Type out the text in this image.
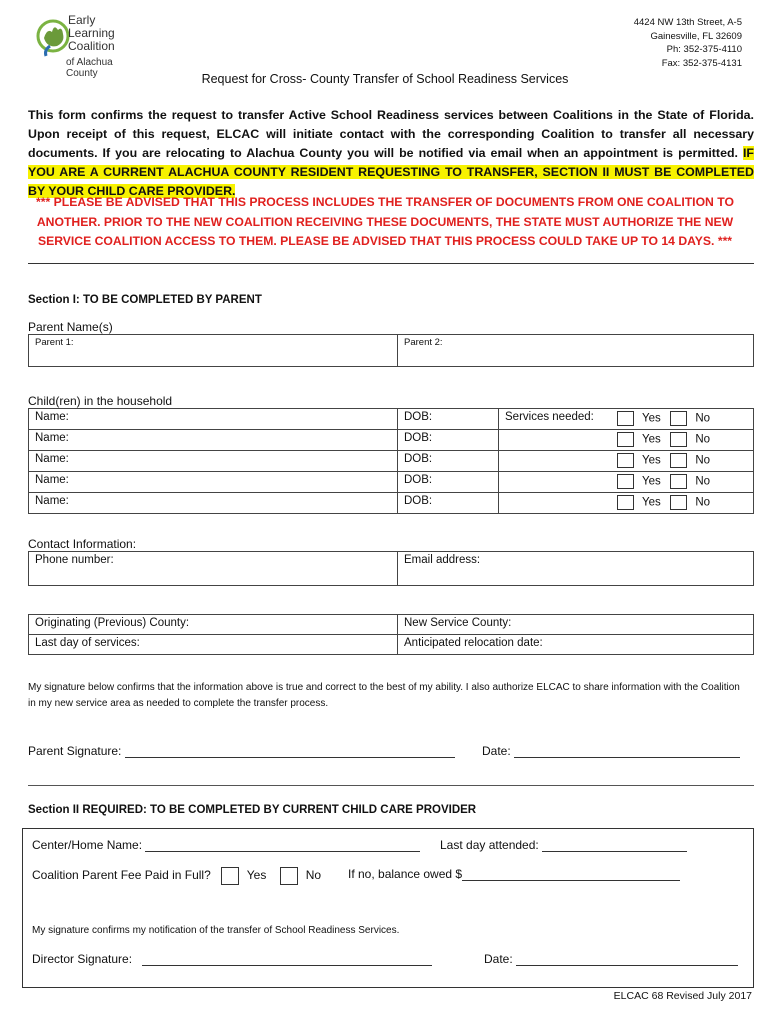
Early
Learning
Coalition
of Alachua County
4424 NW 13th Street, A-5
Gainesville, FL 32609
Ph: 352-375-4110
Fax: 352-375-4131
Request for Cross- County Transfer of School Readiness Services
This form confirms the request to transfer Active School Readiness services between Coalitions in the State of Florida. Upon receipt of this request, ELCAC will initiate contact with the corresponding Coalition to transfer all necessary documents. If you are relocating to Alachua County you will be notified via email when an appointment is permitted. IF YOU ARE A CURRENT ALACHUA COUNTY RESIDENT REQUESTING TO TRANSFER, SECTION II MUST BE COMPLETED BY YOUR CHILD CARE PROVIDER.
*** PLEASE BE ADVISED THAT THIS PROCESS INCLUDES THE TRANSFER OF DOCUMENTS FROM ONE COALITION TO ANOTHER. PRIOR TO THE NEW COALITION RECEIVING THESE DOCUMENTS, THE STATE MUST AUTHORIZE THE NEW SERVICE COALITION ACCESS TO THEM. PLEASE BE ADVISED THAT THIS PROCESS COULD TAKE UP TO 14 DAYS. ***
Section I: TO BE COMPLETED BY PARENT
Parent Name(s)
Parent 1:	Parent 2:
Child(ren) in the household
Name:	DOB:	Services needed:	Yes No
Name:	DOB:		Yes No
Name:	DOB:		Yes No
Name:	DOB:		Yes No
Name:	DOB:		Yes No
Contact Information:
Phone number:	Email address:
Originating (Previous) County:	New Service County:
Last day of services:	Anticipated relocation date:
My signature below confirms that the information above is true and correct to the best of my ability. I also authorize ELCAC to share information with the Coalition in my new service area as needed to complete the transfer process.
Parent Signature:	Date:
Section II REQUIRED: TO BE COMPLETED BY CURRENT CHILD CARE PROVIDER
Center/Home Name:	Last day attended:
Coalition Parent Fee Paid in Full?	Yes	No If no, balance owed $
My signature confirms my notification of the transfer of School Readiness Services.
Director Signature:	Date:
ELCAC 68 Revised July 2017
